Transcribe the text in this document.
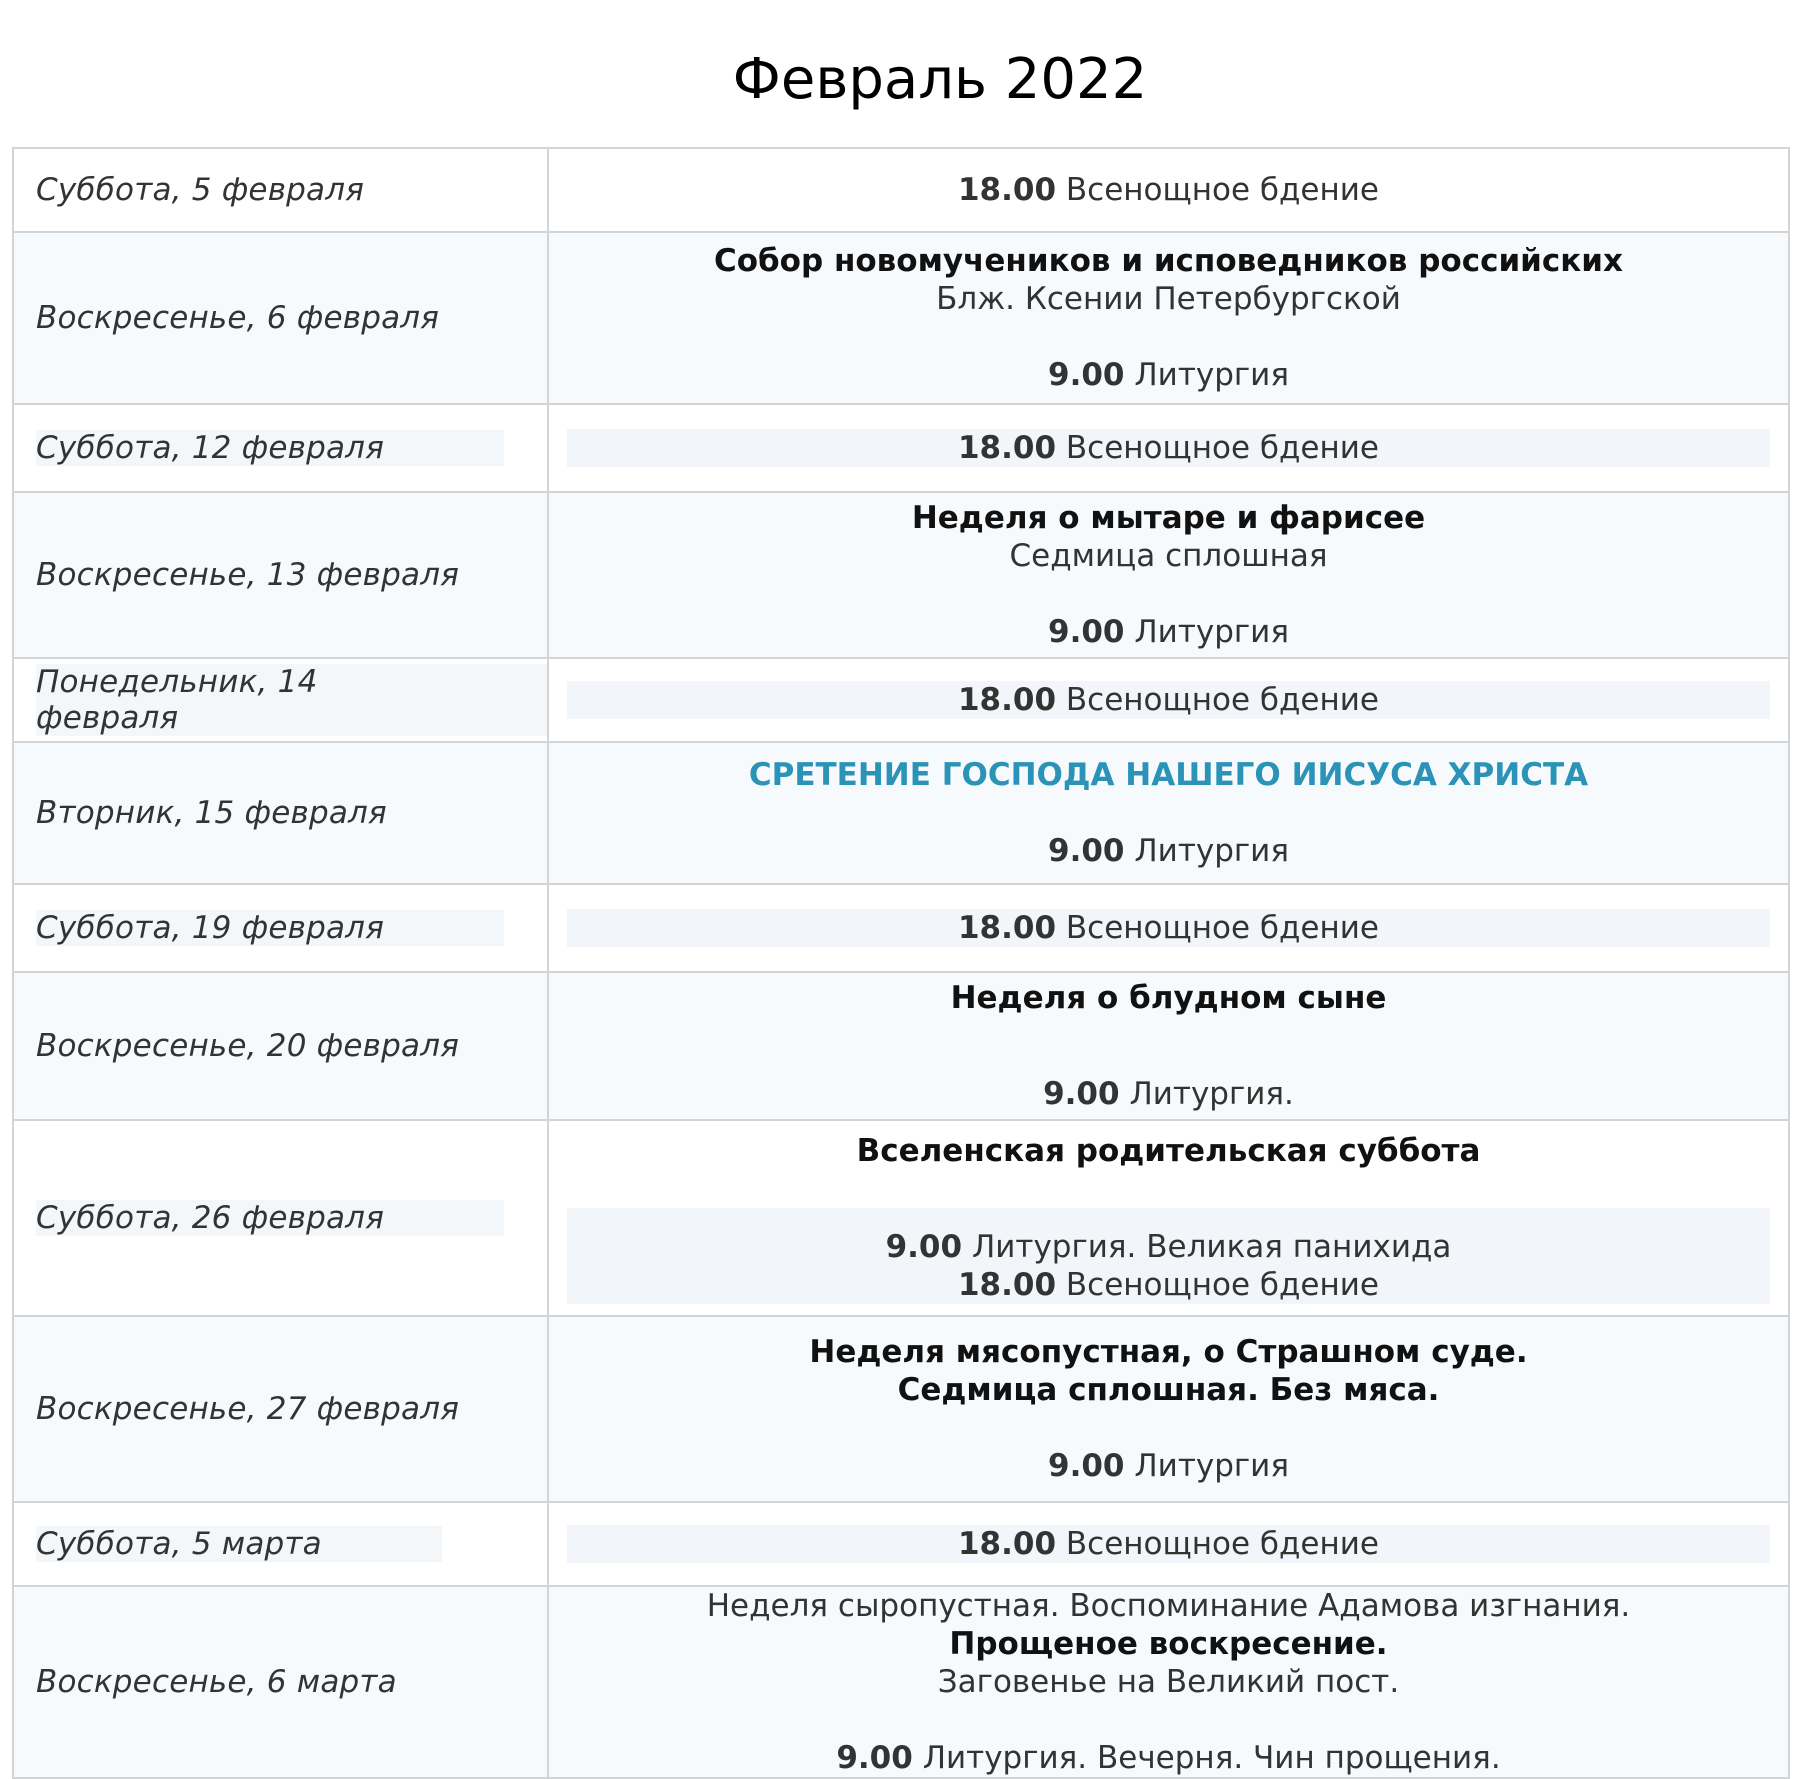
Февраль 2022
Суббота, 5 февраля	18.00 Всенощное бдение

Воскресенье, 6 февраля	Собор новомучеников и исповедников российских
Блж. Ксении Петербургской
9.00 Литургия

Суббота, 12 февраля	18.00 Всенощное бдение

Воскресенье, 13 февраля	Неделя о мытаре и фарисее
Седмица сплошная
9.00 Литургия

Понедельник, 14 февраля	18.00 Всенощное бдение

Вторник, 15 февраля	СРЕТЕНИЕ ГОСПОДА НАШЕГО ИИСУСА ХРИСТА
9.00 Литургия

Суббота, 19 февраля	18.00 Всенощное бдение

Воскресенье, 20 февраля	Неделя о блудном сыне
9.00 Литургия.

Суббота, 26 февраля	Вселенская родительская суббота
9.00 Литургия. Великая панихида
18.00 Всенощное бдение

Воскресенье, 27 февраля	Неделя мясопустная, о Страшном суде.
Седмица сплошная. Без мяса.
9.00 Литургия

Суббота, 5 марта	18.00 Всенощное бдение

Воскресенье, 6 марта	Неделя сыропустная. Воспоминание Адамова изгнания.
Прощеное воскресение.
Заговенье на Великий пост.
9.00 Литургия. Вечерня. Чин прощения.
